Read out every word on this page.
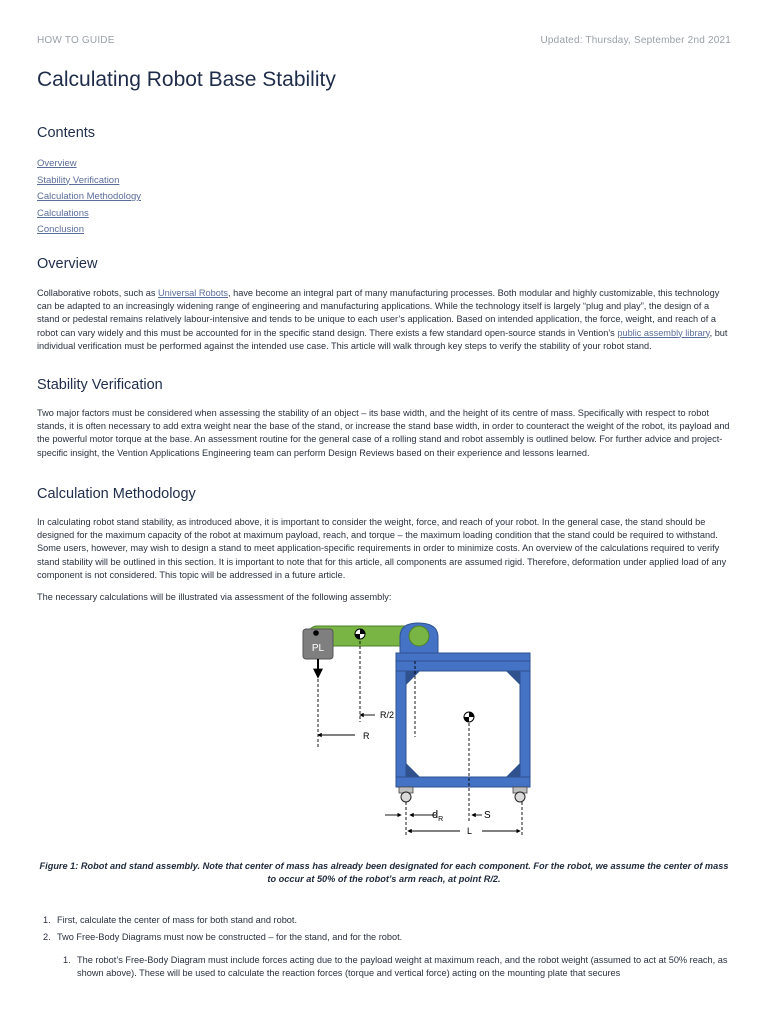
HOW TO GUIDE	Updated: Thursday, September 2nd 2021
Calculating Robot Base Stability
Contents
Overview
Stability Verification
Calculation Methodology
Calculations
Conclusion
Overview

Collaborative robots, such as Universal Robots, have become an integral part of many manufacturing processes. Both modular and highly customizable, this technology can be adapted to an increasingly widening range of engineering and manufacturing applications. While the technology itself is largely “plug and play”, the design of a stand or pedestal remains relatively labour-intensive and tends to be unique to each user’s application. Based on intended application, the force, weight, and reach of a robot can vary widely and this must be accounted for in the specific stand design. There exists a few standard open-source stands in Vention’s public assembly library, but individual verification must be performed against the intended use case. This article will walk through key steps to verify the stability of your robot stand.

Stability Verification

Two major factors must be considered when assessing the stability of an object – its base width, and the height of its centre of mass. Specifically with respect to robot stands, it is often necessary to add extra weight near the base of the stand, or increase the stand base width, in order to counteract the weight of the robot, its payload and the powerful motor torque at the base. An assessment routine for the general case of a rolling stand and robot assembly is outlined below. For further advice and project-specific insight, the Vention Applications Engineering team can perform Design Reviews based on their experience and lessons learned.

Calculation Methodology

In calculating robot stand stability, as introduced above, it is important to consider the weight, force, and reach of your robot. In the general case, the stand should be designed for the maximum capacity of the robot at maximum payload, reach, and torque – the maximum loading condition that the stand could be required to withstand. Some users, however, may wish to design a stand to meet application-specific requirements in order to minimize costs. An overview of the calculations required to verify stand stability will be outlined in this section. It is important to note that for this article, all components are assumed rigid. Therefore, deformation under applied load of any component is not considered. This topic will be addressed in a future article.

The necessary calculations will be illustrated via assessment of the following assembly:

PL
R/2
R
$d_R$	S
L
Figure 1: Robot and stand assembly. Note that center of mass has already been designated for each component. For the robot, we assume the center of mass to occur at 50% of the robot’s arm reach, at point R/2.
1. First, calculate the center of mass for both stand and robot.
2. Two Free-Body Diagrams must now be constructed – for the stand, and for the robot.
1. The robot’s Free-Body Diagram must include forces acting due to the payload weight at maximum reach, and the robot weight (assumed to act at 50% reach, as shown above). These will be used to calculate the reaction forces (torque and vertical force) acting on the mounting plate that secures
